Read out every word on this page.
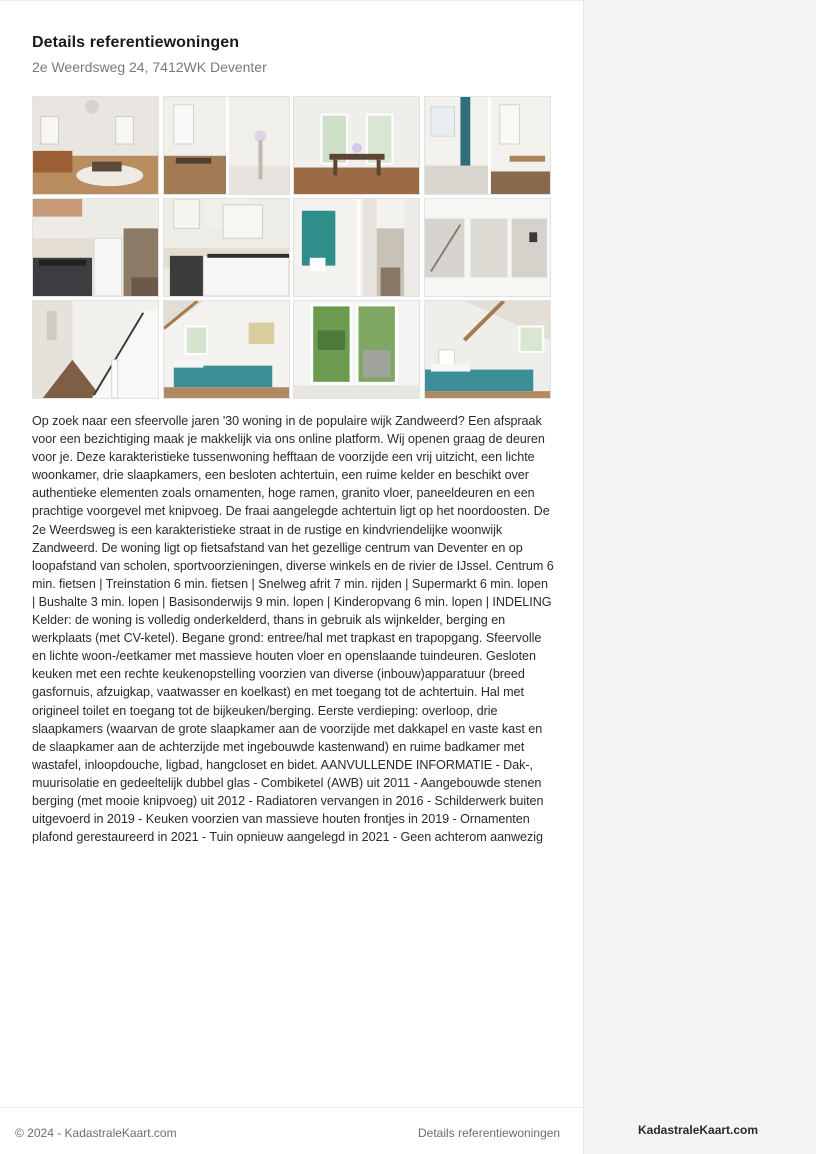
Details referentiewoningen
2e Weerdsweg 24, 7412WK Deventer

Op zoek naar een sfeervolle jaren '30 woning in de populaire wijk Zandweerd? Een afspraak voor een bezichtiging maak je makkelijk via ons online platform. Wij openen graag de deuren voor je. Deze karakteristieke tussenwoning hefftaan de voorzijde een vrij uitzicht, een lichte woonkamer, drie slaapkamers, een besloten achtertuin, een ruime kelder en beschikt over authentieke elementen zoals ornamenten, hoge ramen, granito vloer, paneeldeuren en een prachtige voorgevel met knipvoeg. De fraai aangelegde achtertuin ligt op het noordoosten. De 2e Weerdsweg is een karakteristieke straat in de rustige en kindvriendelijke woonwijk Zandweerd. De woning ligt op fietsafstand van het gezellige centrum van Deventer en op loopafstand van scholen, sportvoorzieningen, diverse winkels en de rivier de IJssel. Centrum 6 min. fietsen | Treinstation 6 min. fietsen | Snelweg afrit 7 min. rijden | Supermarkt 6 min. lopen | Bushalte 3 min. lopen | Basisonderwijs 9 min. lopen | Kinderopvang 6 min. lopen | INDELING Kelder: de woning is volledig onderkelderd, thans in gebruik als wijnkelder, berging en werkplaats (met CV-ketel). Begane grond: entree/hal met trapkast en trapopgang. Sfeervolle en lichte woon-/eetkamer met massieve houten vloer en openslaande tuindeuren. Gesloten keuken met een rechte keukenopstelling voorzien van diverse (inbouw)apparatuur (breed gasfornuis, afzuigkap, vaatwasser en koelkast) en met toegang tot de achtertuin. Hal met origineel toilet en toegang tot de bijkeuken/berging. Eerste verdieping: overloop, drie slaapkamers (waarvan de grote slaapkamer aan de voorzijde met dakkapel en vaste kast en de slaapkamer aan de achterzijde met ingebouwde kastenwand) en ruime badkamer met wastafel, inloopdouche, ligbad, hangcloset en bidet. AANVULLENDE INFORMATIE - Dak-, muurisolatie en gedeeltelijk dubbel glas - Combiketel (AWB) uit 2011 - Aangebouwde stenen berging (met mooie knipvoeg) uit 2012 - Radiatoren vervangen in 2016 - Schilderwerk buiten uitgevoerd in 2019 - Keuken voorzien van massieve houten frontjes in 2019 - Ornamenten plafond gerestaureerd in 2021 - Tuin opnieuw aangelegd in 2021 - Geen achterom aanwezig

© 2024 - KadastraleKaart.com	Details referentiewoningen	KadastraleKaart.com
